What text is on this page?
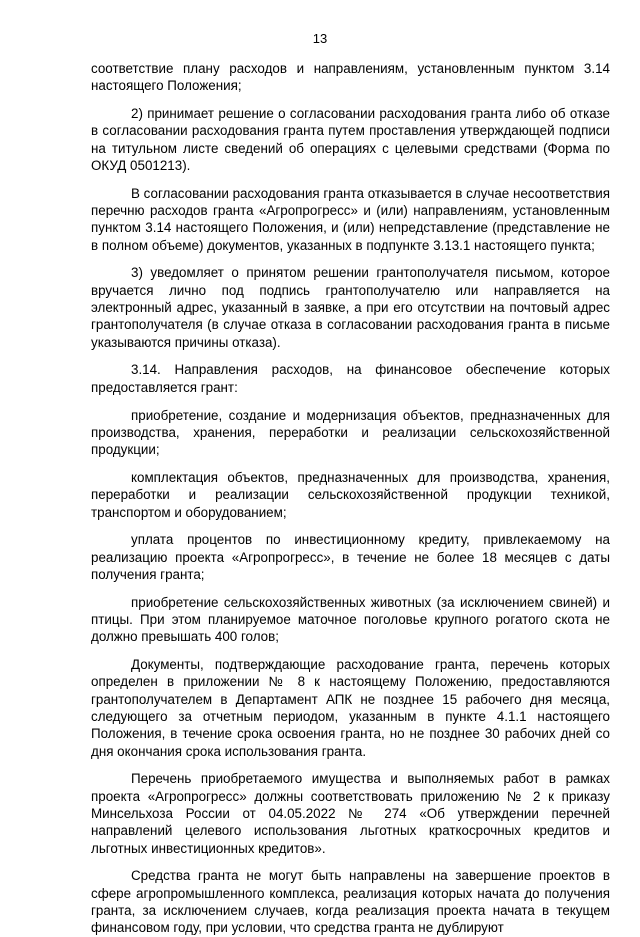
13

соответствие плану расходов и направлениям, установленным пунктом 3.14 настоящего Положения;

2) принимает решение о согласовании расходования гранта либо об отказе в согласовании расходования гранта путем проставления утверждающей подписи на титульном листе сведений об операциях с целевыми средствами (Форма по ОКУД 0501213).

В согласовании расходования гранта отказывается в случае несоответствия перечню расходов гранта «Агропрогресс» и (или) направлениям, установленным пунктом 3.14 настоящего Положения, и (или) непредставление (представление не в полном объеме) документов, указанных в подпункте 3.13.1 настоящего пункта;

3) уведомляет о принятом решении грантополучателя письмом, которое вручается лично под подпись грантополучателю или направляется на электронный адрес, указанный в заявке, а при его отсутствии на почтовый адрес грантополучателя (в случае отказа в согласовании расходования гранта в письме указываются причины отказа).

3.14. Направления расходов, на финансовое обеспечение которых предоставляется грант:

приобретение, создание и модернизация объектов, предназначенных для производства, хранения, переработки и реализации сельскохозяйственной продукции;

комплектация объектов, предназначенных для производства, хранения, переработки и реализации сельскохозяйственной продукции техникой, транспортом и оборудованием;

уплата процентов по инвестиционному кредиту, привлекаемому на реализацию проекта «Агропрогресс», в течение не более 18 месяцев с даты получения гранта;

приобретение сельскохозяйственных животных (за исключением свиней) и птицы. При этом планируемое маточное поголовье крупного рогатого скота не должно превышать 400 голов;

Документы, подтверждающие расходование гранта, перечень которых определен в приложении № 8 к настоящему Положению, предоставляются грантополучателем в Департамент АПК не позднее 15 рабочего дня месяца, следующего за отчетным периодом, указанным в пункте 4.1.1 настоящего Положения, в течение срока освоения гранта, но не позднее 30 рабочих дней со дня окончания срока использования гранта.

Перечень приобретаемого имущества и выполняемых работ в рамках проекта «Агропрогресс» должны соответствовать приложению № 2 к приказу Минсельхоза России от 04.05.2022 № 274 «Об утверждении перечней направлений целевого использования льготных краткосрочных кредитов и льготных инвестиционных кредитов».

Средства гранта не могут быть направлены на завершение проектов в сфере агропромышленного комплекса, реализация которых начата до получения гранта, за исключением случаев, когда реализация проекта начата в текущем финансовом году, при условии, что средства гранта не дублируют
